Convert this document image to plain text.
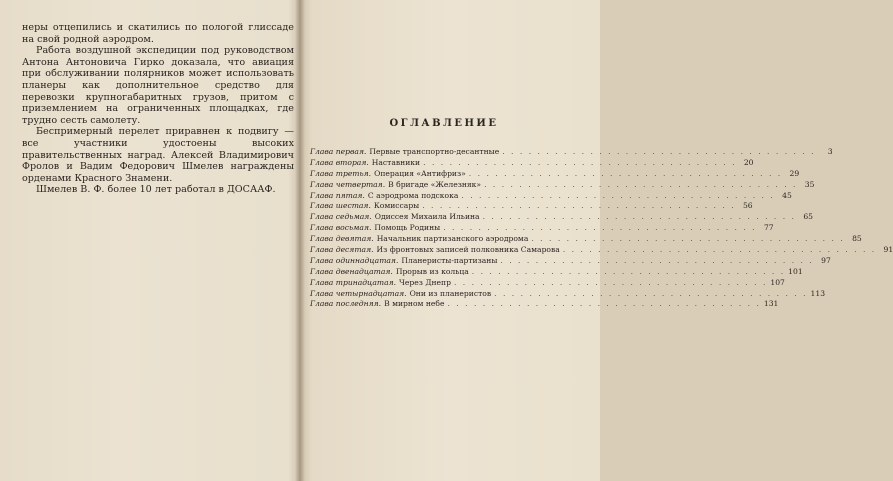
неры отцепились и скатились по пологой глиссаде на свой родной аэродром.

Работа воздушной экспедиции под руководством Антона Антоновича Гирко доказала, что авиация при обслуживании полярников может использовать планеры как дополнительное средство для перевозки крупногабаритных грузов, притом с приземлением на ограниченных площадках, где трудно сесть самолету.

Беспримерный перелет приравнен к подвигу — все участники удостоены высоких правительственных наград. Алексей Владимирович Фролов и Вадим Федорович Шмелев награждены орденами Красного Знамени.

Шмелев В. Ф. более 10 лет работал в ДОСААФ.

ОГЛАВЛЕНИЕ
Глава первая. Первые транспортно-десантные . . .	3
Глава вторая. Наставники . . .	20
Глава третья. Операция «Антифриз» . . .	29
Глава четвертая. В бригаде «Железняк» . . .	35
Глава пятая. С аэродрома подскока . . .	45
Глава шестая. Комиссары . . .	56
Глава седьмая. Одиссея Михаила Ильина . . .	65
Глава восьмая. Помощь Родины . . .	77
Глава девятая. Начальник партизанского аэродрома . . .	85
Глава десятая. Из фронтовых записей полковника Самарова . . .	91
Глава одиннадцатая. Планеристы-партизаны . . .	97
Глава двенадцатая. Прорыв из кольца . . .	101
Глава тринадцатая. Через Днепр . . .	107
Глава четырнадцатая. Они из планеристов . . .	113
Глава последняя. В мирном небе . . .	131
